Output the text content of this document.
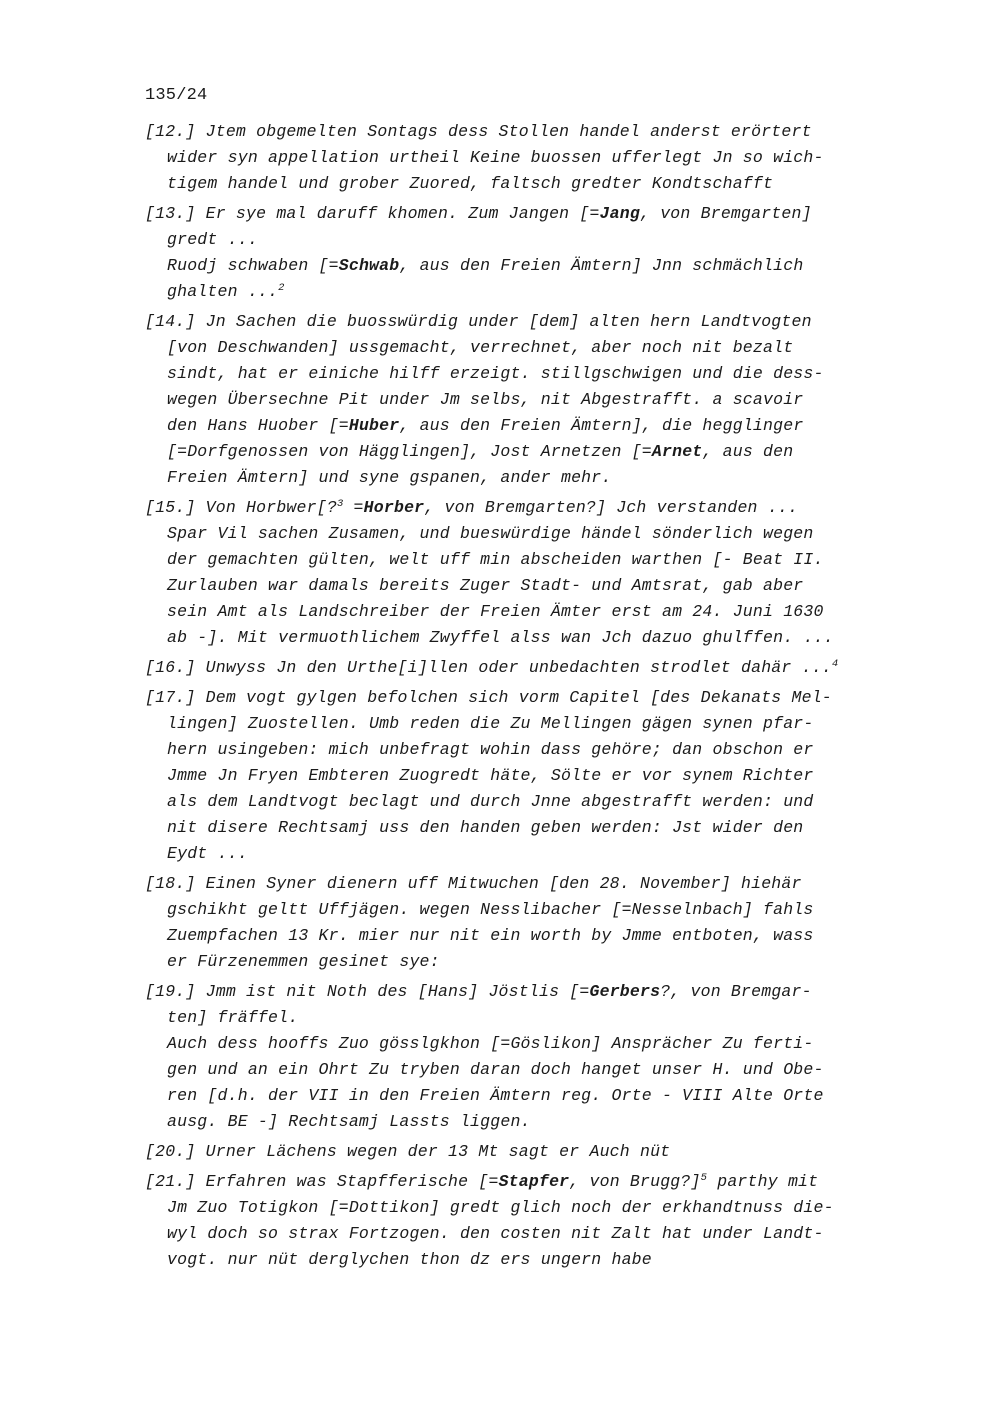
135/24
[12.] Jtem obgemelten Sontags dess Stollen handel anderst erörtert
wider syn appellation urtheil Keine buossen ufferlegt Jn so wich-
tigem handel und grober Zuored, faltsch gredter Kondtschafft
[13.] Er sye mal daruff khomen. Zum Jangen [=Jang, von Bremgarten]
gredt ...
Ruodj schwaben [=Schwab, aus den Freien Ämtern] Jnn schmächlich
ghalten ...$^2$
[14.] Jn Sachen die buosswürdig under [dem] alten hern Landtvogten
[von Deschwanden] ussgemacht, verrechnet, aber noch nit bezalt
sindt, hat er einiche hilff erzeigt. stillgschwigen und die dess-
wegen Übersechne Pit under Jm selbs, nit Abgestrafft. a scavoir
den Hans Huober [=Huber, aus den Freien Ämtern], die hegglinger
[=Dorfgenossen von Hägglingen], Jost Arnetzen [=Arnet, aus den
Freien Ämtern] und syne gspanen, ander mehr.
[15.] Von Horbwer[?$^3$ =Horber, von Bremgarten?] Jch verstanden ...
Spar Vil sachen Zusamen, und bueswürdige händel sönderlich wegen
der gemachten gülten, welt uff min abscheiden warthen [- Beat II.
Zurlauben war damals bereits Zuger Stadt- und Amtsrat, gab aber
sein Amt als Landschreiber der Freien Ämter erst am 24. Juni 1630
ab -]. Mit vermuothlichem Zwyffel alss wan Jch dazuo ghulffen. ...
[16.] Unwyss Jn den Urthe[i]llen oder unbedachten strodlet dahär ...$^4$
[17.] Dem vogt gylgen befolchen sich vorm Capitel [des Dekanats Mel-
lingen] Zuostellen. Umb reden die Zu Mellingen gägen synen pfar-
hern usingeben: mich unbefragt wohin dass gehöre; dan obschon er
Jmme Jn Fryen Embteren Zuogredt häte, Sölte er vor synem Richter
als dem Landtvogt beclagt und durch Jnne abgestrafft werden: und
nit disere Rechtsamj uss den handen geben werden: Jst wider den
Eydt ...
[18.] Einen Syner dienern uff Mitwuchen [den 28. November] hiehär
gschikht geltt Uffjägen. wegen Nesslibacher [=Nesselnbach] fahls
Zuempfachen 13 Kr. mier nur nit ein worth by Jmme entboten, wass
er Fürzenemmen gesinet sye:
[19.] Jmm ist nit Noth des [Hans] Jöstlis [=Gerbers?, von Bremgar-
ten] fräffel.
Auch dess hooffs Zuo gösslgkhon [=Göslikon] Ansprächer Zu ferti-
gen und an ein Ohrt Zu tryben daran doch hanget unser H. und Obe-
ren [d.h. der VII in den Freien Ämtern reg. Orte - VIII Alte Orte
ausg. BE -] Rechtsamj Lassts liggen.
[20.] Urner Lächens wegen der 13 Mt sagt er Auch nüt
[21.] Erfahren was Stapfferische [=Stapfer, von Brugg?]$^5$ parthy mit
Jm Zuo Totigkon [=Dottikon] gredt glich noch der erkhandtnuss die-
wyl doch so strax Fortzogen. den costen nit Zalt hat under Landt-
vogt. nur nüt derglychen thon dz ers ungern habe
